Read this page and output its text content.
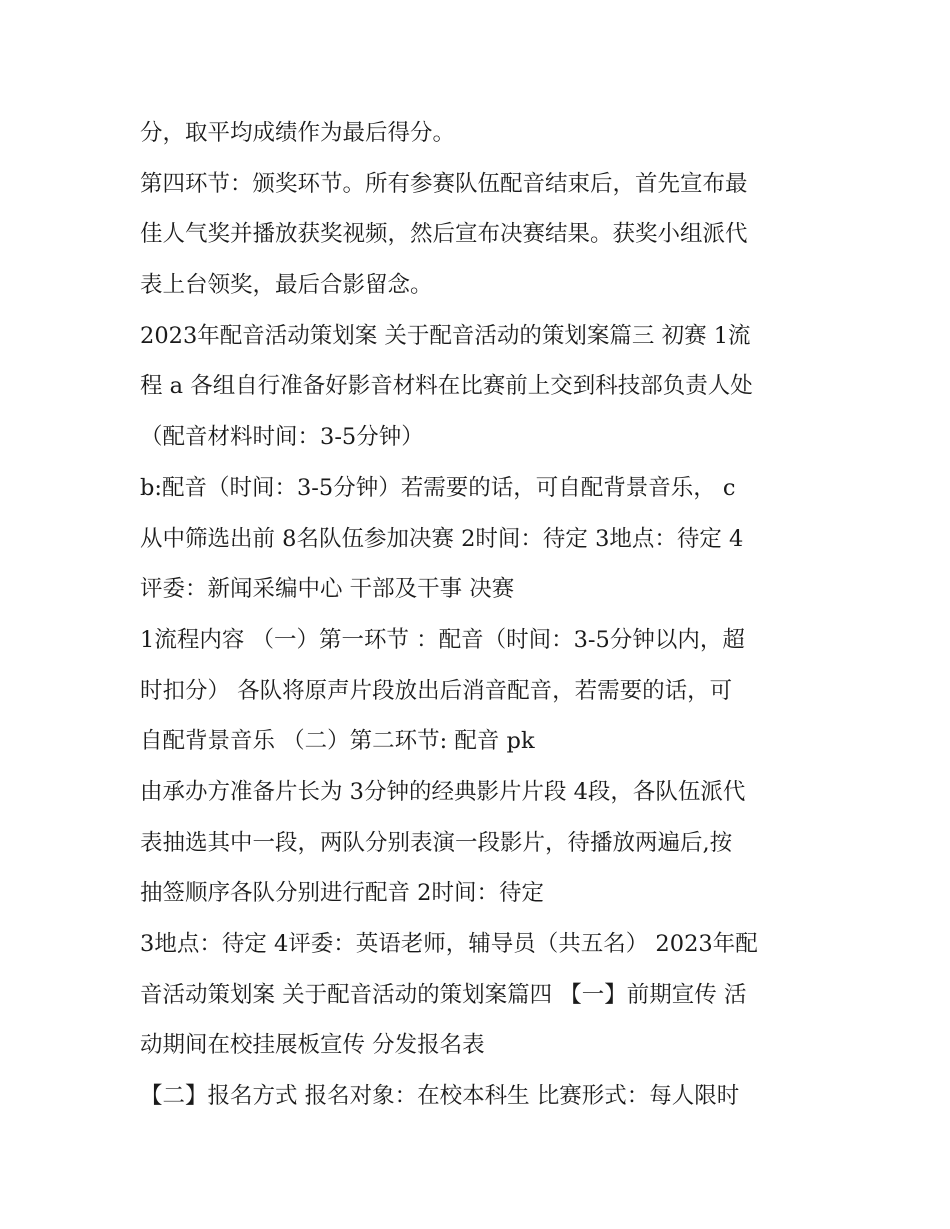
分，取平均成绩作为最后得分。
第四环节：颁奖环节。所有参赛队伍配音结束后，首先宣布最
佳人气奖并播放获奖视频，然后宣布决赛结果。获奖小组派代
表上台领奖，最后合影留念。
2023年配音活动策划案 关于配音活动的策划案篇三 初赛 1流
程 a 各组自行准备好影音材料在比赛前上交到科技部负责人处
（配音材料时间：3-5分钟）
b:配音（时间：3-5分钟）若需要的话，可自配背景音乐， c
从中筛选出前 8名队伍参加决赛 2时间：待定 3地点：待定 4
评委：新闻采编中心 干部及干事 决赛
1流程内容 （一）第一环节 ：配音（时间：3-5分钟以内，超
时扣分） 各队将原声片段放出后消音配音，若需要的话，可
自配背景音乐 （二）第二环节: 配音 pk
由承办方准备片长为 3分钟的经典影片片段 4段，各队伍派代
表抽选其中一段，两队分别表演一段影片，待播放两遍后,按
抽签顺序各队分别进行配音 2时间：待定
3地点：待定 4评委：英语老师，辅导员（共五名） 2023年配
音活动策划案 关于配音活动的策划案篇四 【一】前期宣传 活
动期间在校挂展板宣传 分发报名表
【二】报名方式 报名对象：在校本科生 比赛形式：每人限时
